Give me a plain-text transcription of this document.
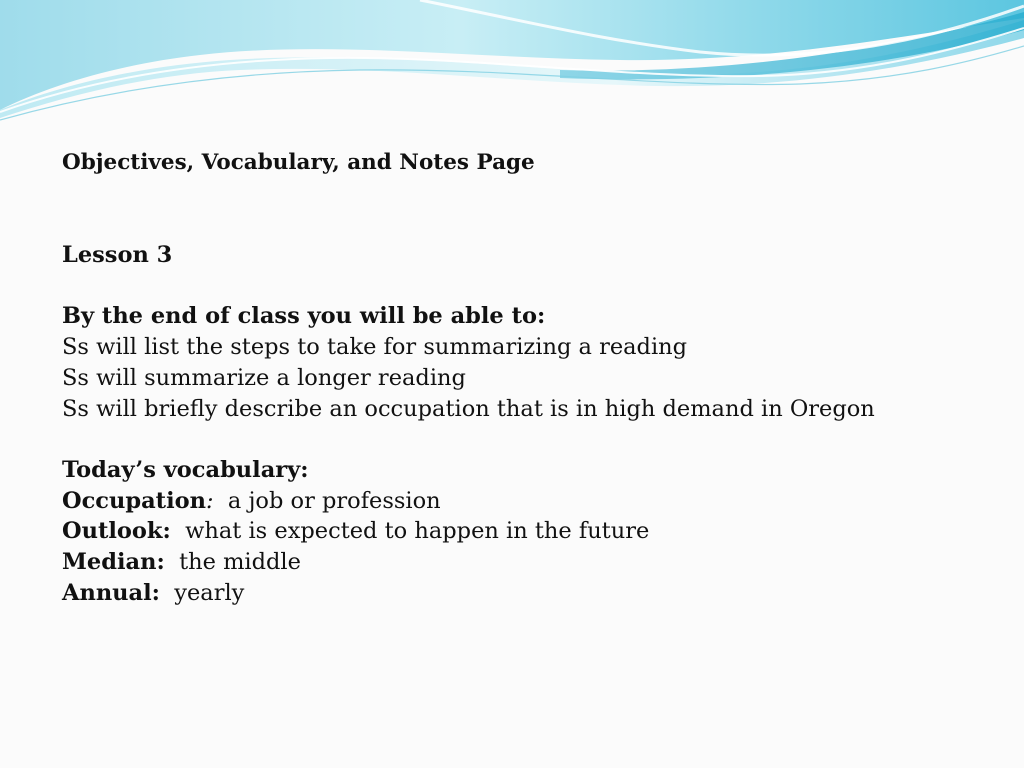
Objectives, Vocabulary, and Notes Page
Lesson 3
By the end of class you will be able to:
Ss will list the steps to take for summarizing a reading
Ss will summarize a longer reading
Ss will briefly describe an occupation that is in high demand in Oregon
Today’s vocabulary:
Occupation: a job or profession
Outlook: what is expected to happen in the future
Median: the middle
Annual: yearly
